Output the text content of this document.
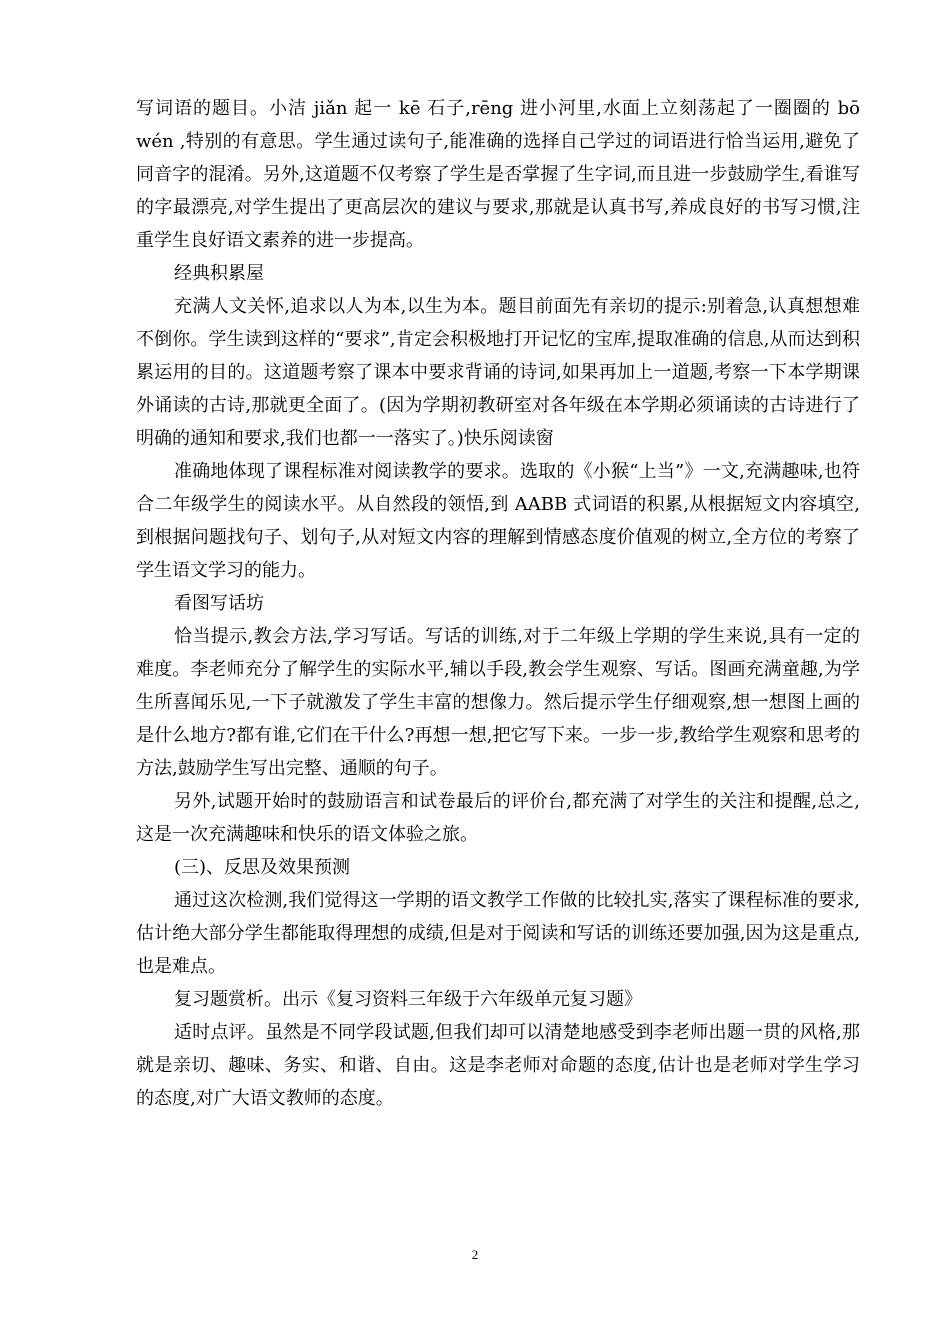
写词语的题目。小洁 jiǎn 起一 kē 石子,rēng 进小河里,水面上立刻荡起了一圈圈的 bō wén ,特别的有意思。学生通过读句子,能准确的选择自己学过的词语进行恰当运用,避免了同音字的混淆。另外,这道题不仅考察了学生是否掌握了生字词,而且进一步鼓励学生,看谁写的字最漂亮,对学生提出了更高层次的建议与要求,那就是认真书写,养成良好的书写习惯,注重学生良好语文素养的进一步提高。

经典积累屋

充满人文关怀,追求以人为本,以生为本。题目前面先有亲切的提示:别着急,认真想想难不倒你。学生读到这样的“要求”,肯定会积极地打开记忆的宝库,提取准确的信息,从而达到积累运用的目的。这道题考察了课本中要求背诵的诗词,如果再加上一道题,考察一下本学期课外诵读的古诗,那就更全面了。(因为学期初教研室对各年级在本学期必须诵读的古诗进行了明确的通知和要求,我们也都一一落实了。)快乐阅读窗

准确地体现了课程标准对阅读教学的要求。选取的《小猴“上当”》一文,充满趣味,也符合二年级学生的阅读水平。从自然段的领悟,到 AABB 式词语的积累,从根据短文内容填空,到根据问题找句子、划句子,从对短文内容的理解到情感态度价值观的树立,全方位的考察了学生语文学习的能力。

看图写话坊

恰当提示,教会方法,学习写话。写话的训练,对于二年级上学期的学生来说,具有一定的难度。李老师充分了解学生的实际水平,辅以手段,教会学生观察、写话。图画充满童趣,为学生所喜闻乐见,一下子就激发了学生丰富的想像力。然后提示学生仔细观察,想一想图上画的是什么地方?都有谁,它们在干什么?再想一想,把它写下来。一步一步,教给学生观察和思考的方法,鼓励学生写出完整、通顺的句子。

另外,试题开始时的鼓励语言和试卷最后的评价台,都充满了对学生的关注和提醒,总之,这是一次充满趣味和快乐的语文体验之旅。

(三)、反思及效果预测

通过这次检测,我们觉得这一学期的语文教学工作做的比较扎实,落实了课程标准的要求,估计绝大部分学生都能取得理想的成绩,但是对于阅读和写话的训练还要加强,因为这是重点,也是难点。

复习题赏析。出示《复习资料三年级于六年级单元复习题》

适时点评。虽然是不同学段试题,但我们却可以清楚地感受到李老师出题一贯的风格,那就是亲切、趣味、务实、和谐、自由。这是李老师对命题的态度,估计也是老师对学生学习的态度,对广大语文教师的态度。

2
